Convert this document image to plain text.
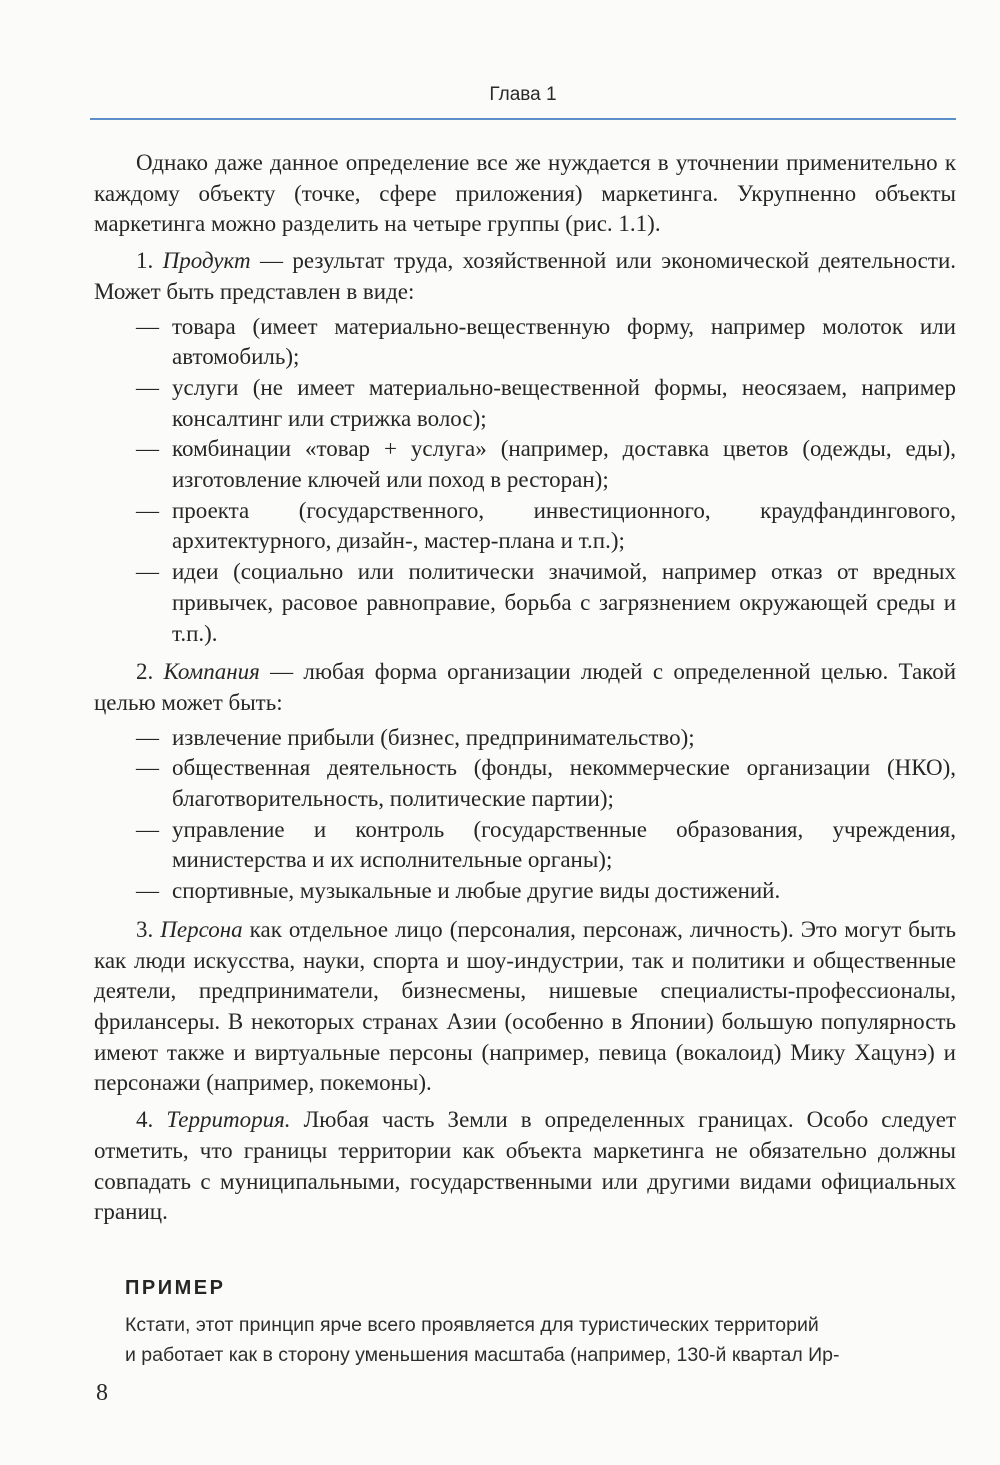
Глава 1

Однако даже данное определение все же нуждается в уточнении применительно к каждому объекту (точке, сфере приложения) маркетинга. Укрупненно объекты маркетинга можно разделить на четыре группы (рис. 1.1).

1. Продукт — результат труда, хозяйственной или экономической деятельности. Может быть представлен в виде:

— товара (имеет материально-вещественную форму, например молоток или автомобиль);
— услуги (не имеет материально-вещественной формы, неосязаем, например консалтинг или стрижка волос);
— комбинации «товар + услуга» (например, доставка цветов (одежды, еды), изготовление ключей или поход в ресторан);
— проекта (государственного, инвестиционного, краудфандингового, архитектурного, дизайн-, мастер-плана и т.п.);
— идеи (социально или политически значимой, например отказ от вредных привычек, расовое равноправие, борьба с загрязнением окружающей среды и т.п.).

2. Компания — любая форма организации людей с определенной целью. Такой целью может быть:

— извлечение прибыли (бизнес, предпринимательство);
— общественная деятельность (фонды, некоммерческие организации (НКО), благотворительность, политические партии);
— управление и контроль (государственные образования, учреждения, министерства и их исполнительные органы);
— спортивные, музыкальные и любые другие виды достижений.

3. Персона как отдельное лицо (персоналия, персонаж, личность). Это могут быть как люди искусства, науки, спорта и шоу-индустрии, так и политики и общественные деятели, предприниматели, бизнесмены, нишевые специалисты-профессионалы, фрилансеры. В некоторых странах Азии (особенно в Японии) большую популярность имеют также и виртуальные персоны (например, певица (вокалоид) Мику Хацунэ) и персонажи (например, покемоны).

4. Территория. Любая часть Земли в определенных границах. Особо следует отметить, что границы территории как объекта маркетинга не обязательно должны совпадать с муниципальными, государственными или другими видами официальных границ.

ПРИМЕР
Кстати, этот принцип ярче всего проявляется для туристических территорий
и работает как в сторону уменьшения масштаба (например, 130-й квартал Ир-
8
